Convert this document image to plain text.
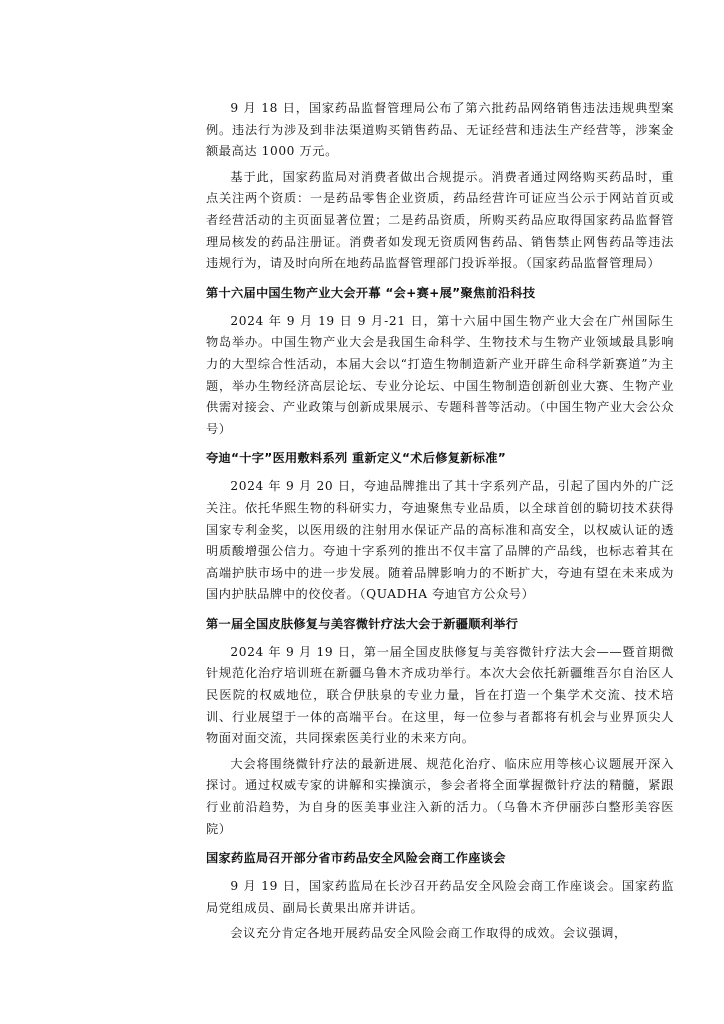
9 月 18 日，国家药品监督管理局公布了第六批药品网络销售违法违规典型案例。违法行为涉及到非法渠道购买销售药品、无证经营和违法生产经营等，涉案金额最高达 1000 万元。

基于此，国家药监局对消费者做出合规提示。消费者通过网络购买药品时，重点关注两个资质：一是药品零售企业资质，药品经营许可证应当公示于网站首页或者经营活动的主页面显著位置；二是药品资质，所购买药品应取得国家药品监督管理局核发的药品注册证。消费者如发现无资质网售药品、销售禁止网售药品等违法违规行为，请及时向所在地药品监督管理部门投诉举报。（国家药品监督管理局）

第十六届中国生物产业大会开幕 “会+赛+展”聚焦前沿科技

2024 年 9 月 19 日 9 月-21 日，第十六届中国生物产业大会在广州国际生物岛举办。中国生物产业大会是我国生命科学、生物技术与生物产业领域最具影响力的大型综合性活动，本届大会以“打造生物制造新产业开辟生命科学新赛道”为主题，举办生物经济高层论坛、专业分论坛、中国生物制造创新创业大赛、生物产业供需对接会、产业政策与创新成果展示、专题科普等活动。（中国生物产业大会公众号）

夸迪“十字”医用敷料系列 重新定义“术后修复新标准”

2024 年 9 月 20 日，夸迪品牌推出了其十字系列产品，引起了国内外的广泛关注。依托华熙生物的科研实力，夸迪聚焦专业品质，以全球首创的騎切技术获得国家专利金奖，以医用级的注射用水保证产品的高标准和高安全，以权威认证的透明质酸增强公信力。夸迪十字系列的推出不仅丰富了品牌的产品线，也标志着其在高端护肤市场中的进一步发展。随着品牌影响力的不断扩大，夸迪有望在未来成为国内护肤品牌中的佼佼者。（QUADHA 夸迪官方公众号）

第一届全国皮肤修复与美容微针疗法大会于新疆顺利举行

2024 年 9 月 19 日，第一届全国皮肤修复与美容微针疗法大会——暨首期微针规范化治疗培训班在新疆乌鲁木齐成功举行。本次大会依托新疆维吾尔自治区人民医院的权威地位，联合伊肤泉的专业力量，旨在打造一个集学术交流、技术培训、行业展望于一体的高端平台。在这里，每一位参与者都将有机会与业界顶尖人物面对面交流，共同探索医美行业的未来方向。

大会将围绕微针疗法的最新进展、规范化治疗、临床应用等核心议题展开深入探讨。通过权威专家的讲解和实操演示，参会者将全面掌握微针疗法的精髓，紧跟行业前沿趋势，为自身的医美事业注入新的活力。（乌鲁木齐伊丽莎白整形美容医院）

国家药监局召开部分省市药品安全风险会商工作座谈会

9 月 19 日，国家药监局在长沙召开药品安全风险会商工作座谈会。国家药监局党组成员、副局长黄果出席并讲话。

会议充分肯定各地开展药品安全风险会商工作取得的成效。会议强调，
